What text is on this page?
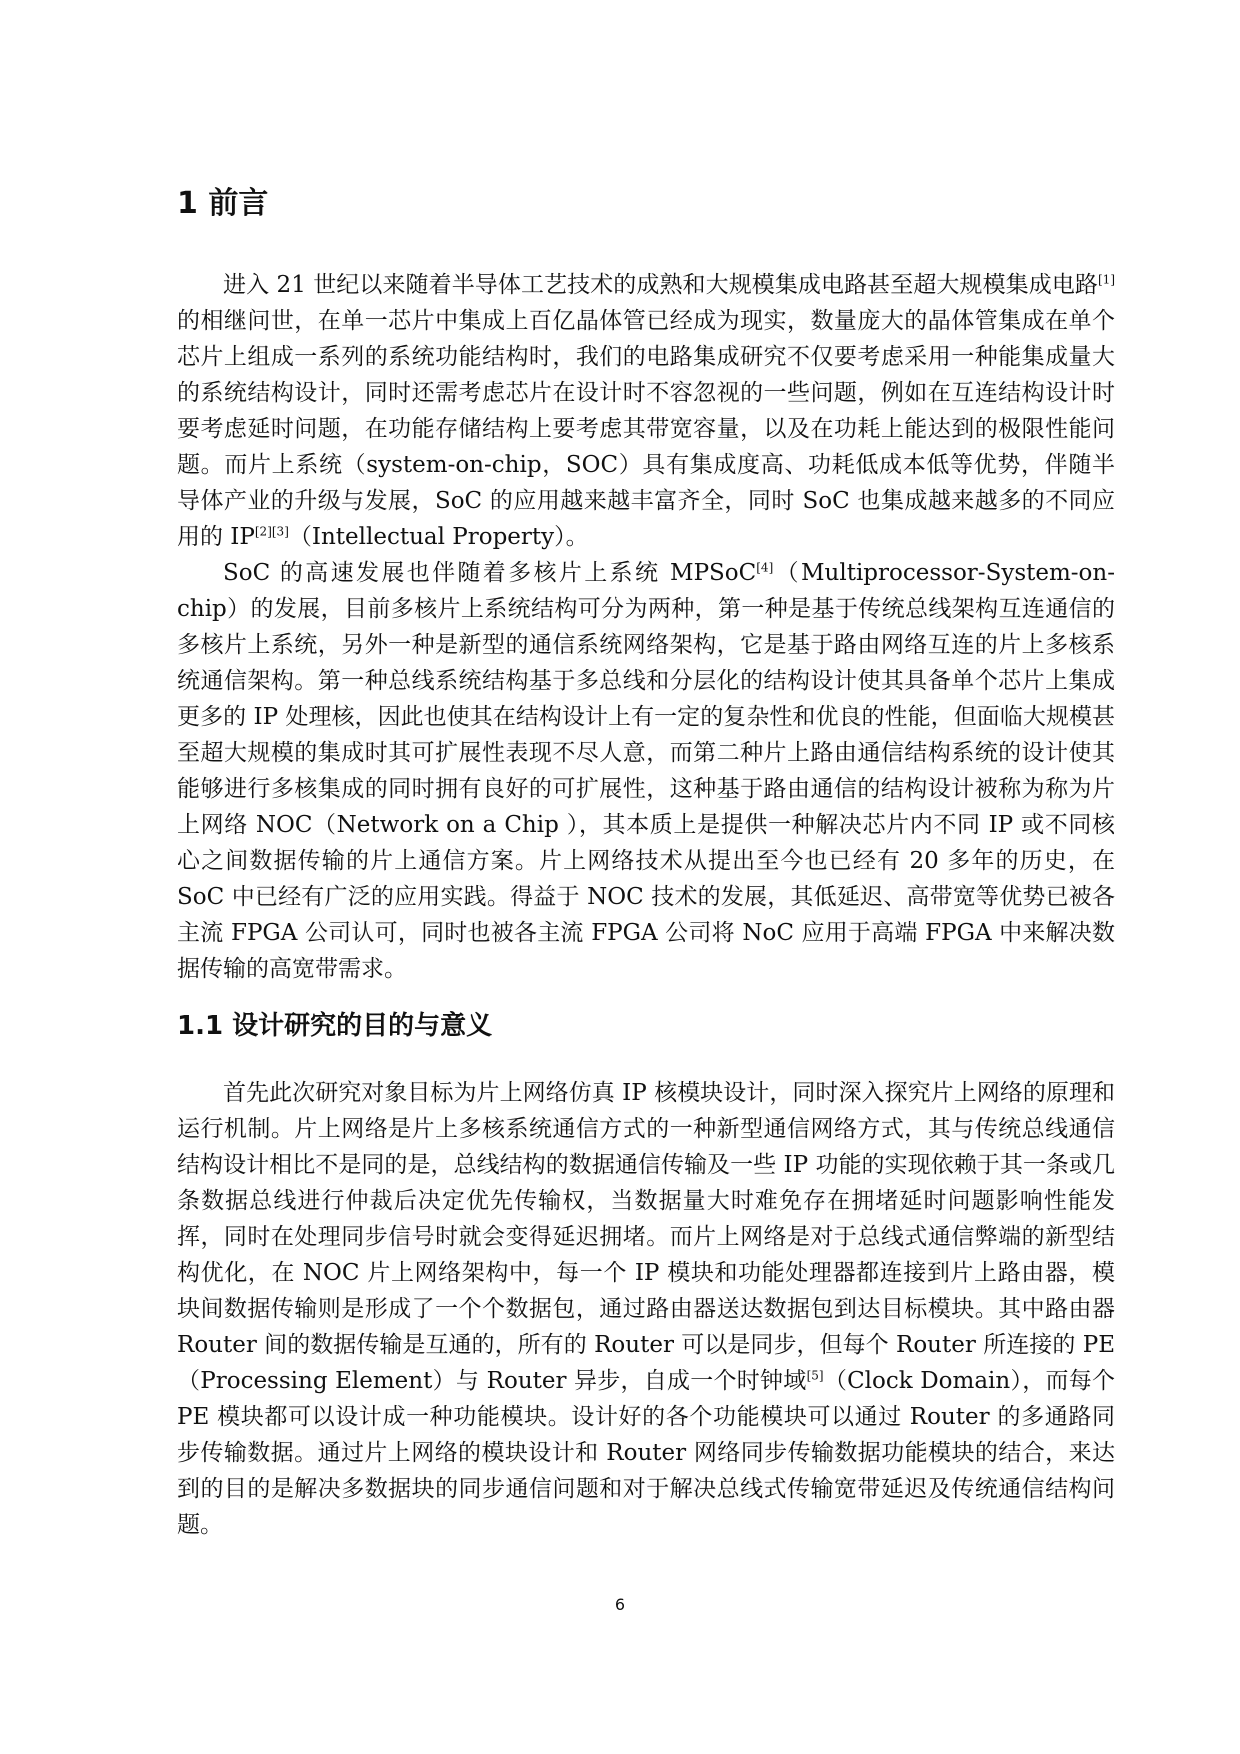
1 前言

进入 21 世纪以来随着半导体工艺技术的成熟和大规模集成电路甚至超大规模集成电路[1]的相继问世，在单一芯片中集成上百亿晶体管已经成为现实，数量庞大的晶体管集成在单个芯片上组成一系列的系统功能结构时，我们的电路集成研究不仅要考虑采用一种能集成量大的系统结构设计，同时还需考虑芯片在设计时不容忽视的一些问题，例如在互连结构设计时要考虑延时问题，在功能存储结构上要考虑其带宽容量，以及在功耗上能达到的极限性能问题。而片上系统（system-on-chip，SOC）具有集成度高、功耗低成本低等优势，伴随半导体产业的升级与发展，SoC 的应用越来越丰富齐全，同时 SoC 也集成越来越多的不同应用的 IP[2][3]（Intellectual Property）。

SoC 的高速发展也伴随着多核片上系统 MPSoC[4]（Multiprocessor-System-on-chip）的发展，目前多核片上系统结构可分为两种，第一种是基于传统总线架构互连通信的多核片上系统，另外一种是新型的通信系统网络架构，它是基于路由网络互连的片上多核系统通信架构。第一种总线系统结构基于多总线和分层化的结构设计使其具备单个芯片上集成更多的 IP 处理核，因此也使其在结构设计上有一定的复杂性和优良的性能，但面临大规模甚至超大规模的集成时其可扩展性表现不尽人意，而第二种片上路由通信结构系统的设计使其能够进行多核集成的同时拥有良好的可扩展性，这种基于路由通信的结构设计被称为称为片上网络 NOC（Network on a Chip ），其本质上是提供一种解决芯片内不同 IP 或不同核心之间数据传输的片上通信方案。片上网络技术从提出至今也已经有 20 多年的历史，在 SoC 中已经有广泛的应用实践。得益于 NOC 技术的发展，其低延迟、高带宽等优势已被各主流 FPGA 公司认可，同时也被各主流 FPGA 公司将 NoC 应用于高端 FPGA 中来解决数据传输的高宽带需求。

1.1 设计研究的目的与意义

首先此次研究对象目标为片上网络仿真 IP 核模块设计，同时深入探究片上网络的原理和运行机制。片上网络是片上多核系统通信方式的一种新型通信网络方式，其与传统总线通信结构设计相比不是同的是，总线结构的数据通信传输及一些 IP 功能的实现依赖于其一条或几条数据总线进行仲裁后决定优先传输权，当数据量大时难免存在拥堵延时问题影响性能发挥，同时在处理同步信号时就会变得延迟拥堵。而片上网络是对于总线式通信弊端的新型结构优化，在 NOC 片上网络架构中，每一个 IP 模块和功能处理器都连接到片上路由器，模块间数据传输则是形成了一个个数据包，通过路由器送达数据包到达目标模块。其中路由器 Router 间的数据传输是互通的，所有的 Router 可以是同步，但每个 Router 所连接的 PE（Processing Element）与 Router 异步，自成一个时钟域[5]（Clock Domain），而每个 PE 模块都可以设计成一种功能模块。设计好的各个功能模块可以通过 Router 的多通路同步传输数据。通过片上网络的模块设计和 Router 网络同步传输数据功能模块的结合，来达到的目的是解决多数据块的同步通信问题和对于解决总线式传输宽带延迟及传统通信结构问题。

6
